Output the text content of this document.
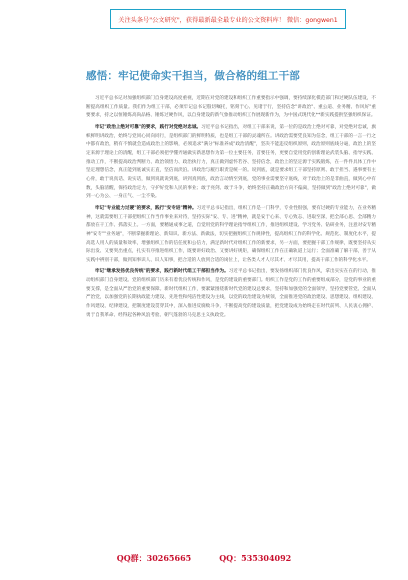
关注头条号"公文研究"，获得最新最全最专业的公文资料库！ 微信：gongwen1
感悟：牢记使命实干担当，做合格的组工干部

习近平总书记对加强组织部门自身建设高度重视，近期在对党的建设和组织工作重要指示中强调，要持续深化模范部门和过硬队伍建设，不断提高组织工作质量。我们作为组工干部，必须牢记总书记殷切嘱托，铭刻于心、见诸于行，坚持信念"讲政治"、重公道、业务精、作风好"重要要求，持之以恒锤炼高尚品格、锤炼过硬作风，以自身建设的新气象推动组织工作展现新作为，为中国式现代化**新实践提供坚强组织保证。

牢记"政治上绝对可靠"的要求，践行对党绝对忠诚。习近平总书记指出，对组工干部来说，第一位的是政治上绝对可靠，对党绝对忠诚，旗帜鲜明讲政治，始终与党同心同向同行，是组织部门的鲜明特质，也是组工干部的灵魂所在。讲政治需要凭良知为信念，组工干部的一言一行之中都有政治，稍有不慎就会造成政治上的影响，必须追求"满分"标准养成"政治清醒"，坚决不能违反组织原则，政治原则底线分毫，政治上的坚定来源于理论上的清醒，组工干部必须把学懂弄通做实新思想作为第一位主要任务，首要任务，更要自觉用党的创新理论武装头脑、指导实践、推动工作，不断提高政治判断力、政治领悟力、政治执行力，真正做到虚怀若谷、坚持信念，政治上的坚定源于实践锻炼，在一件件具体工作中坚定理想信念，真正能到底诚实正直，坚信而淡泊。讲政治与履行职责是统一的。说到底，就是要求组工干部坚持原则、敢于担当、遇事要有主心骨，敢于说真话、说实话，做到说就说到底，讲到真到底，政治言动情至到底，党的事业需要坚守底线，对于政治上的是非曲直，做到心中有数，头脑清醒，保持政治定力，守护好党和人民的事业；敢于亮剑、敢于斗争，始终坚持正确政治方向不偏离，坚持做到"政治上绝对可靠"，做到一心为公、一身正气、一尘不染。

牢记"专业能力过硬"的要求，践行"安专进"精神。习近平总书记指出，组织工作是一门科学，专业性很强，要有过硬的专业能力，在业务精神，这就需要组工干部把组织工作当作事业来对待，坚持实际"安、专、进"精神，就是安于心来、专心致志、进取至深，把全部心思、全部精力都放在干工作、抓落实上。一方面，要精通成事之道，自觉用党的科学理论指导组织工作，推进组织建设、学习党务、钻研业务，注意对安专精神"安专""业务通"，不断掌握新理论、新知识、新方法、新做法，切实把握组织工作规律性，提高组织工作的科学化、规范化、制度化水平，提高选人用人的质量和效率，增强组织工作的信任度和公信力，满足新时代对组织工作的新要求，另一方面，要把握干部工作规律，既要坚持从实际出发、又要突出重点，扎实有序推进组织工作，既要讲好政治、又要讲好规矩，确保组织工作在正确轨道上运行；全面准确了解干部，善于从实践中辨别干部，做到知事识人、识人知事，把合适的人放到合适的岗位上，让各类人才人尽其才、才尽其用，提高干部工作的科学化水平。

牢记"继承发扬优良传统"的要求，践行新时代组工干部担当作为。习近平总书记指出，要发扬组织部门优良作风，拿出实实在在的行动，推动组织部门自身建设。党的组织部门历来有着优良传统和作风，是党的建设的重要部门。组织工作是党的工作的重要组成部分，是党的事业的重要支撑，是全面从严治党的重要保障。新时代组织工作，要紧紧围绕新时代党的建设总要求，坚持和加强党的全面领导，坚持党要管党、全面从严治党，以加强党的长期执政能力建设、先进性和纯洁性建设为主线，以党的政治建设为统领，全面推进党的政治建设、思想建设、组织建设、作风建设、纪律建设，把制度建设贯穿其中，深入推进反腐败斗争，不断提高党的建设质量，把党建设成为始终走在时代前列、人民衷心拥护、勇于自我革命、经得起各种风浪考验、朝气蓬勃的马克思主义执政党。

QQ群：30265665	QQ：535304092
